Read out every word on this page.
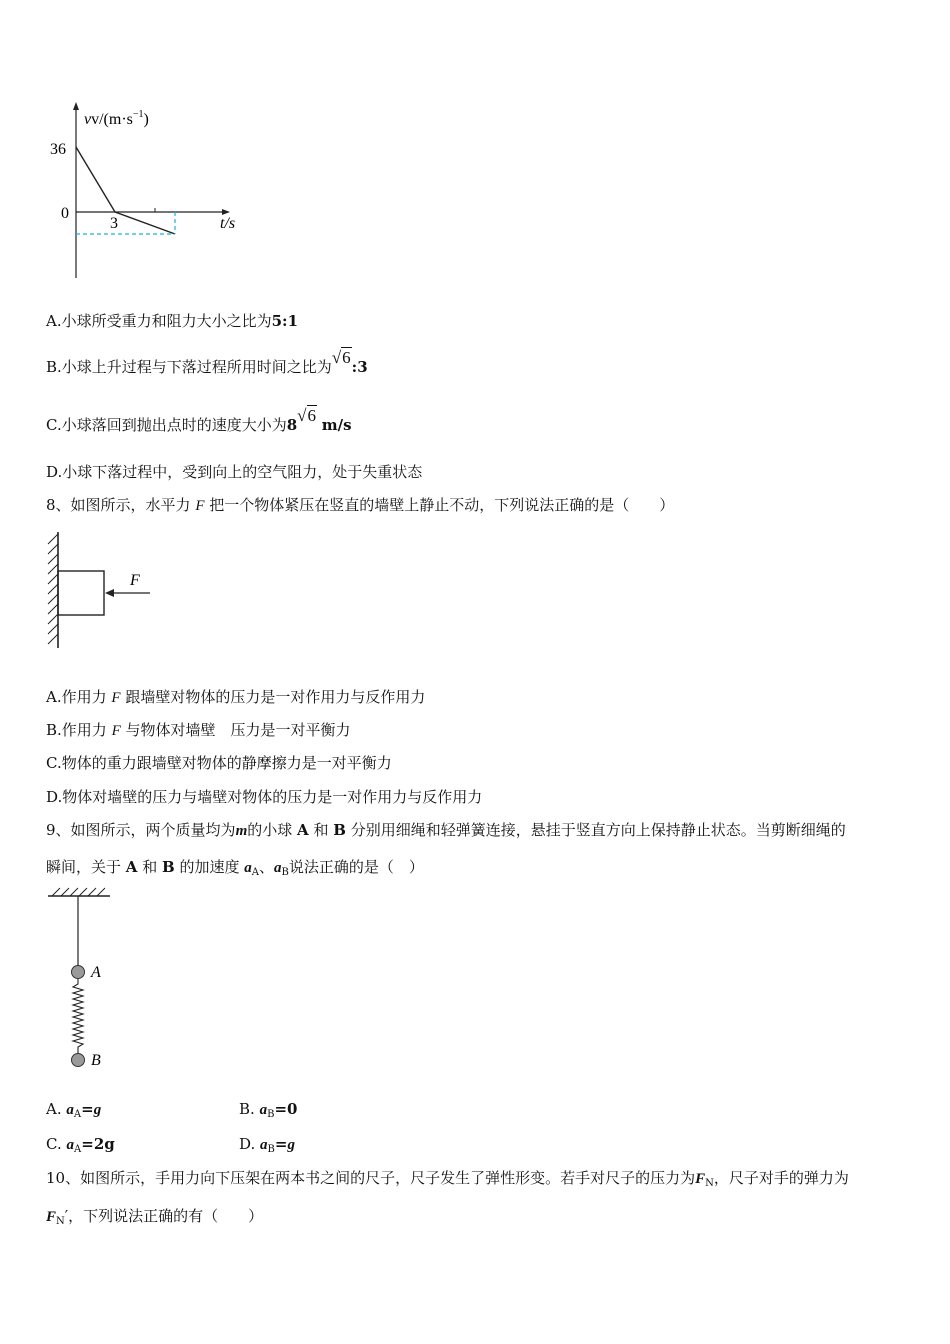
$vv/(m\cdot s^{-1})$
36
0
3	t/s
A.小球所受重力和阻力大小之比为5:1
B.小球上升过程与下落过程所用时间之比为√6:3
C.小球落回到抛出点时的速度大小为8√6 m/s
D.小球下落过程中，受到向上的空气阻力，处于失重状态
8、如图所示，水平力 F 把一个物体紧压在竖直的墙壁上静止不动，下列说法正确的是（　　）
F
A.作用力 F 跟墙壁对物体的压力是一对作用力与反作用力
B.作用力 F 与物体对墙壁　压力是一对平衡力
C.物体的重力跟墙壁对物体的静摩擦力是一对平衡力
D.物体对墙壁的压力与墙壁对物体的压力是一对作用力与反作用力
9、如图所示，两个质量均为m的小球 A 和 B 分别用细绳和轻弹簧连接，悬挂于竖直方向上保持静止状态。当剪断细绳的
瞬间，关于 A 和 B 的加速度 $a_A$、$a_B$说法正确的是（　）
A
B
A. $a_A=g$	B. $a_B=0$
C. $a_A=2g$	D. $a_B=g$
10、如图所示，手用力向下压架在两本书之间的尺子，尺子发生了弹性形变。若手对尺子的压力为$F_N$，尺子对手的弹力为
$F_N'$，下列说法正确的有（　　）
